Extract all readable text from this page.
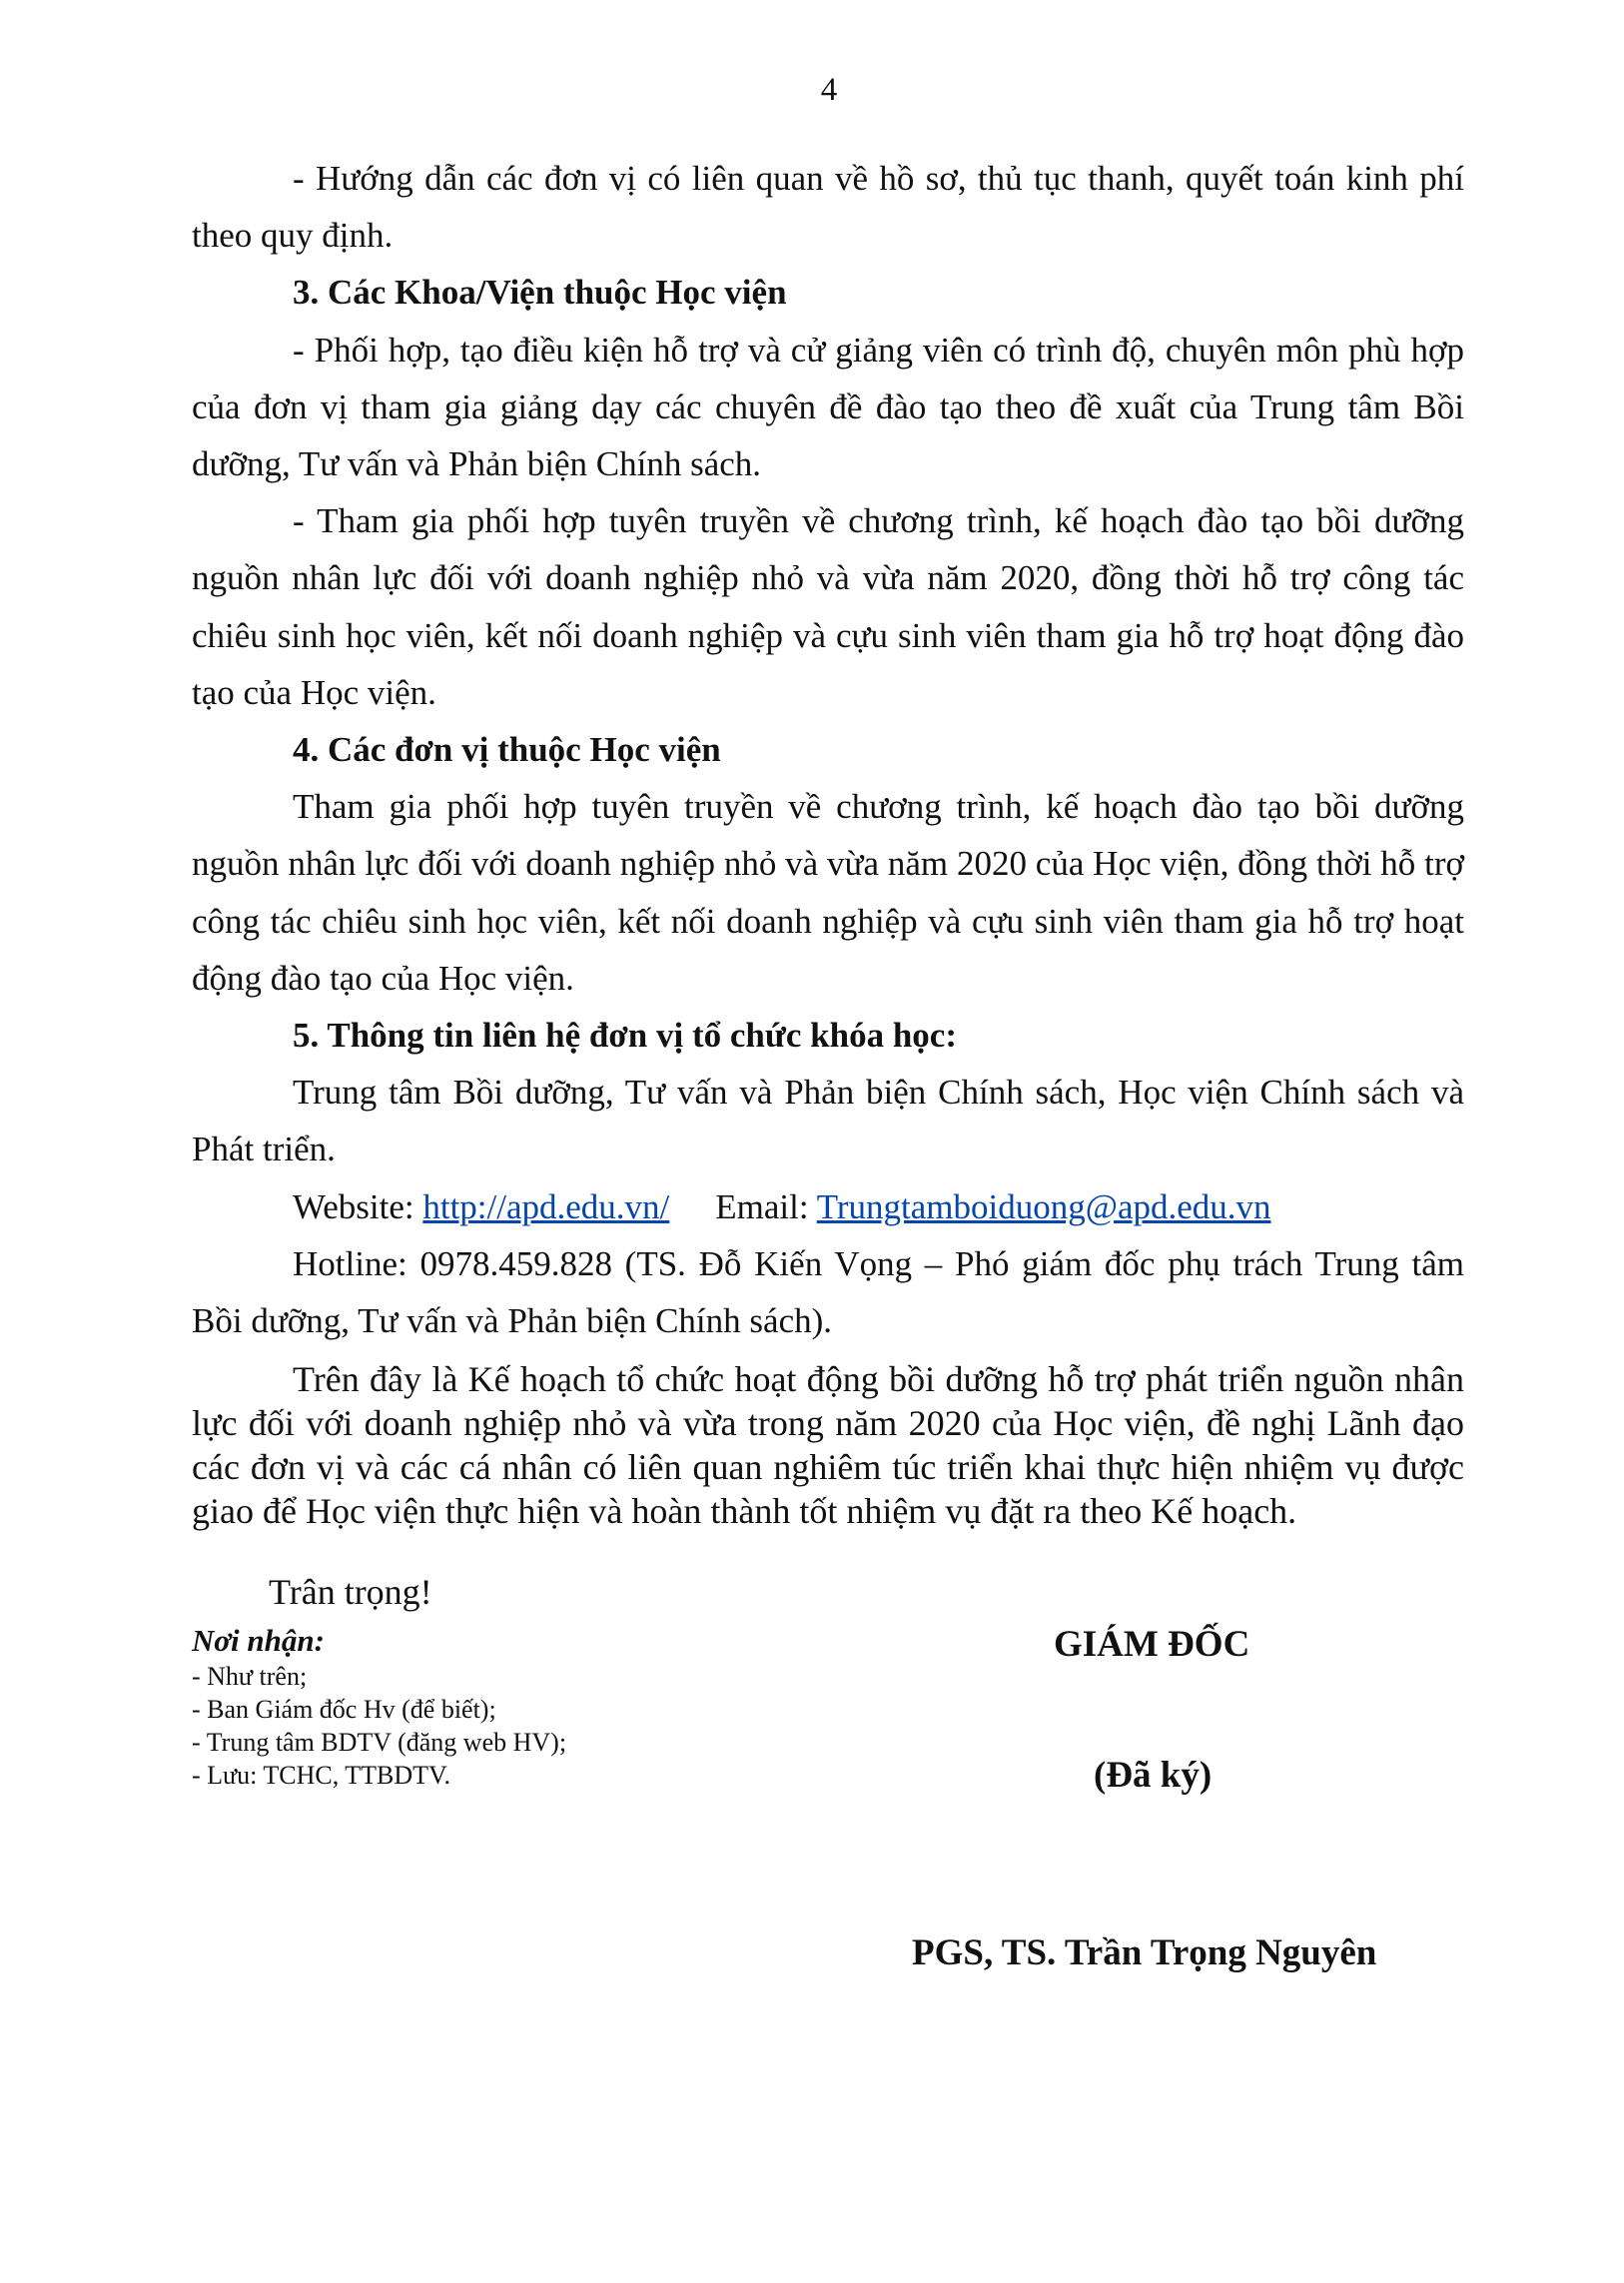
4

- Hướng dẫn các đơn vị có liên quan về hồ sơ, thủ tục thanh, quyết toán kinh phí theo quy định.

3. Các Khoa/Viện thuộc Học viện

- Phối hợp, tạo điều kiện hỗ trợ và cử giảng viên có trình độ, chuyên môn phù hợp của đơn vị tham gia giảng dạy các chuyên đề đào tạo theo đề xuất của Trung tâm Bồi dưỡng, Tư vấn và Phản biện Chính sách.

- Tham gia phối hợp tuyên truyền về chương trình, kế hoạch đào tạo bồi dưỡng nguồn nhân lực đối với doanh nghiệp nhỏ và vừa năm 2020, đồng thời hỗ trợ công tác chiêu sinh học viên, kết nối doanh nghiệp và cựu sinh viên tham gia hỗ trợ hoạt động đào tạo của Học viện.

4. Các đơn vị thuộc Học viện

Tham gia phối hợp tuyên truyền về chương trình, kế hoạch đào tạo bồi dưỡng nguồn nhân lực đối với doanh nghiệp nhỏ và vừa năm 2020 của Học viện, đồng thời hỗ trợ công tác chiêu sinh học viên, kết nối doanh nghiệp và cựu sinh viên tham gia hỗ trợ hoạt động đào tạo của Học viện.

5. Thông tin liên hệ đơn vị tổ chức khóa học:

Trung tâm Bồi dưỡng, Tư vấn và Phản biện Chính sách, Học viện Chính sách và Phát triển.

Website: http://apd.edu.vn/ Email: Trungtamboiduong@apd.edu.vn

Hotline: 0978.459.828 (TS. Đỗ Kiến Vọng – Phó giám đốc phụ trách Trung tâm Bồi dưỡng, Tư vấn và Phản biện Chính sách).

Trên đây là Kế hoạch tổ chức hoạt động bồi dưỡng hỗ trợ phát triển nguồn nhân lực đối với doanh nghiệp nhỏ và vừa trong năm 2020 của Học viện, đề nghị Lãnh đạo các đơn vị và các cá nhân có liên quan nghiêm túc triển khai thực hiện nhiệm vụ được giao để Học viện thực hiện và hoàn thành tốt nhiệm vụ đặt ra theo Kế hoạch.

Trân trọng!
Nơi nhận:
- Như trên;
- Ban Giám đốc Hv (để biết);
- Trung tâm BDTV (đăng web HV);
- Lưu: TCHC, TTBDTV.
GIÁM ĐỐC
(Đã ký)
PGS, TS. Trần Trọng Nguyên
